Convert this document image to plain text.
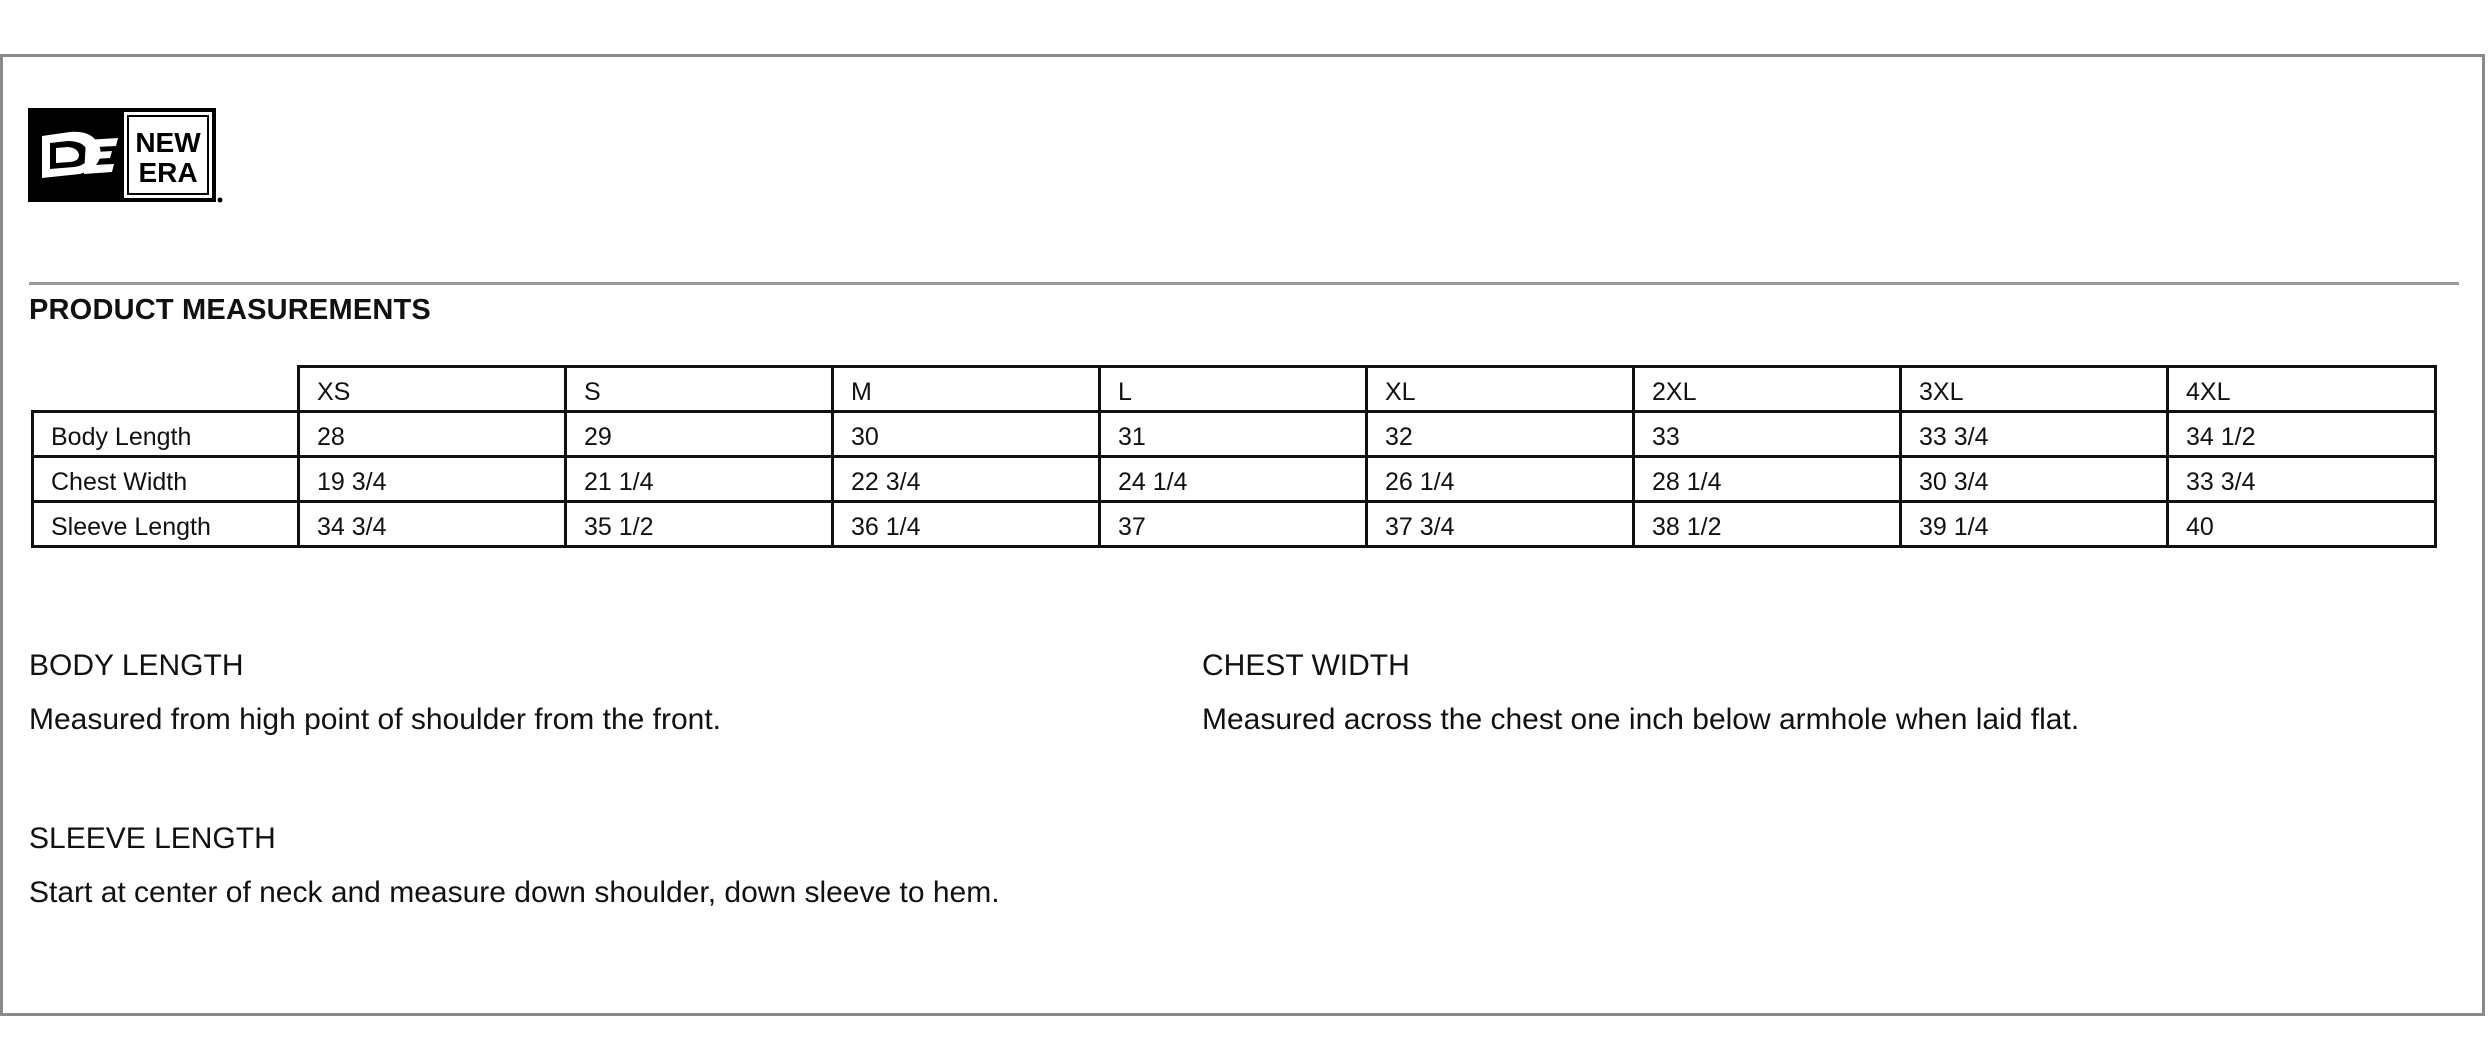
NEW
ERA
PRODUCT MEASUREMENTS
	XS	S	M	L	XL	2XL	3XL	4XL
Body Length	28	29	30	31	32	33	33 3/4	34 1/2
Chest Width	19 3/4	21 1/4	22 3/4	24 1/4	26 1/4	28 1/4	30 3/4	33 3/4
Sleeve Length	34 3/4	35 1/2	36 1/4	37	37 3/4	38 1/2	39 1/4	40
BODY LENGTH
Measured from high point of shoulder from the front.
CHEST WIDTH
Measured across the chest one inch below armhole when laid flat.
SLEEVE LENGTH
Start at center of neck and measure down shoulder, down sleeve to hem.
